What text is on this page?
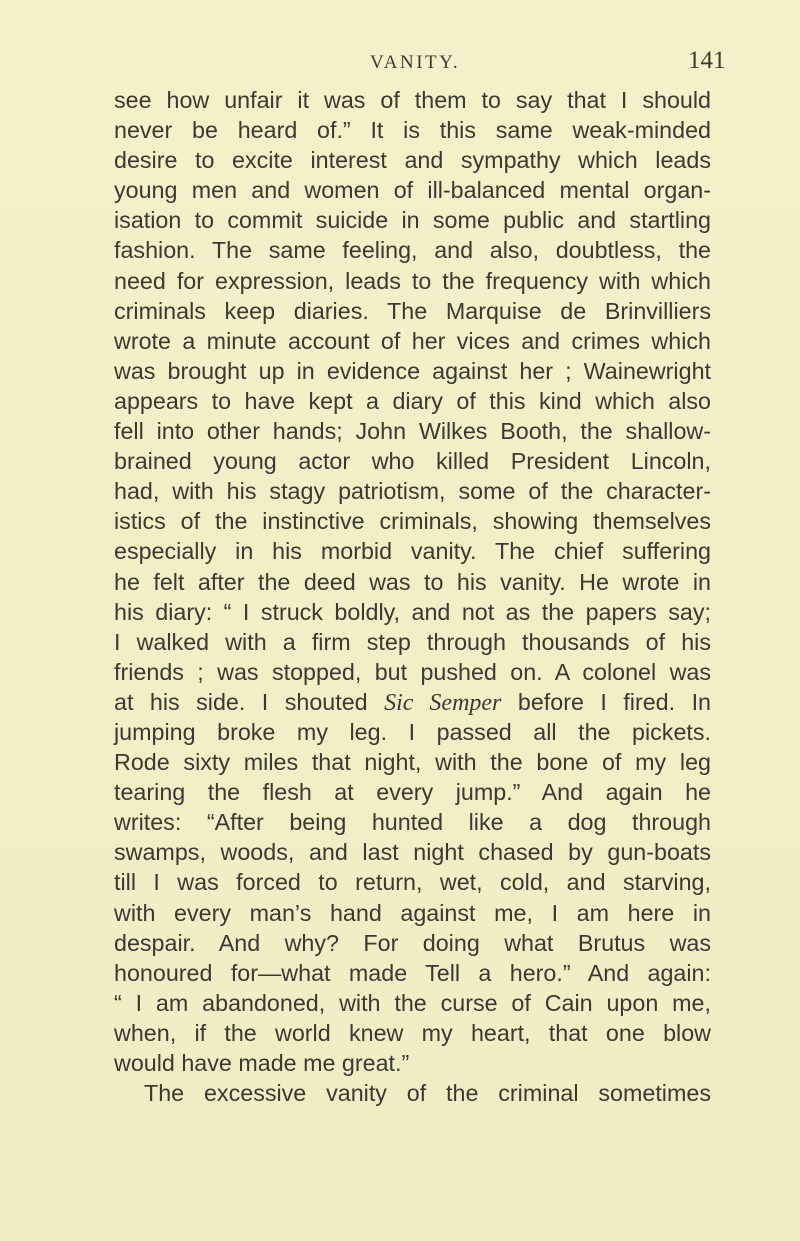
VANITY.	141
see how unfair it was of them to say that I should
never be heard of.” It is this same weak-minded
desire to excite interest and sympathy which leads
young men and women of ill-balanced mental organ-
isation to commit suicide in some public and startling
fashion. The same feeling, and also, doubtless, the
need for expression, leads to the frequency with which
criminals keep diaries. The Marquise de Brinvilliers
wrote a minute account of her vices and crimes which
was brought up in evidence against her ; Wainewright
appears to have kept a diary of this kind which also
fell into other hands; John Wilkes Booth, the shallow-
brained young actor who killed President Lincoln,
had, with his stagy patriotism, some of the character-
istics of the instinctive criminals, showing themselves
especially in his morbid vanity. The chief suffering
he felt after the deed was to his vanity. He wrote in
his diary: “ I struck boldly, and not as the papers say;
I walked with a firm step through thousands of his
friends ; was stopped, but pushed on. A colonel was
at his side. I shouted Sic Semper before I fired. In
jumping broke my leg. I passed all the pickets.
Rode sixty miles that night, with the bone of my leg
tearing the flesh at every jump.” And again he
writes: “After being hunted like a dog through
swamps, woods, and last night chased by gun-boats
till I was forced to return, wet, cold, and starving,
with every man’s hand against me, I am here in
despair. And why? For doing what Brutus was
honoured for—what made Tell a hero.” And again:
“ I am abandoned, with the curse of Cain upon me,
when, if the world knew my heart, that one blow
would have made me great.”
The excessive vanity of the criminal sometimes
